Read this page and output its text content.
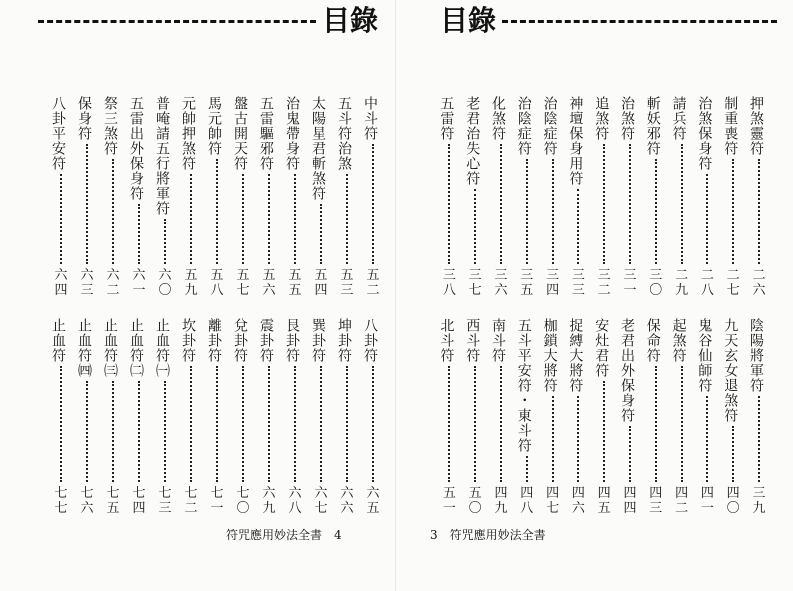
目錄
中斗符
五二
五斗符治煞
五三
太陽星君斬煞符
五四
治鬼帶身符
五五
五雷驅邪符
五六
盤古開天符
五七
馬元帥符
五八
元帥押煞符
五九
普唵請五行將軍符
六〇
五雷出外保身符
六一
祭三煞符
六二
保身符
六三
八卦平安符
六四
八卦符
六五
坤卦符
六六
巽卦符
六七
艮卦符
六八
震卦符
六九
兌卦符
七〇
離卦符
七一
坎卦符
七二
止血符㈠
七三
止血符㈡
七四
止血符㈢
七五
止血符㈣
七六
止血符
七七
符咒應用妙法全書　4
目錄
押煞靈符
二六
制重喪符
二七
治煞保身符
二八
請兵符
二九
斬妖邪符
三〇
治煞符
三一
追煞符
三二
神壇保身用符
三三
治陰症符
三四
治陰症符
三五
化煞符
三六
老君治失心符
三七
五雷符
三八
陰陽將軍符
三九
九天玄女退煞符
四〇
鬼谷仙師符
四一
起煞符
四二
保命符
四三
老君出外保身符
四四
安灶君符
四五
捉縛大將符
四六
枷鎖大將符
四七
五斗平安符・東斗符
四八
南斗符
四九
西斗符
五〇
北斗符
五一
3　符咒應用妙法全書
